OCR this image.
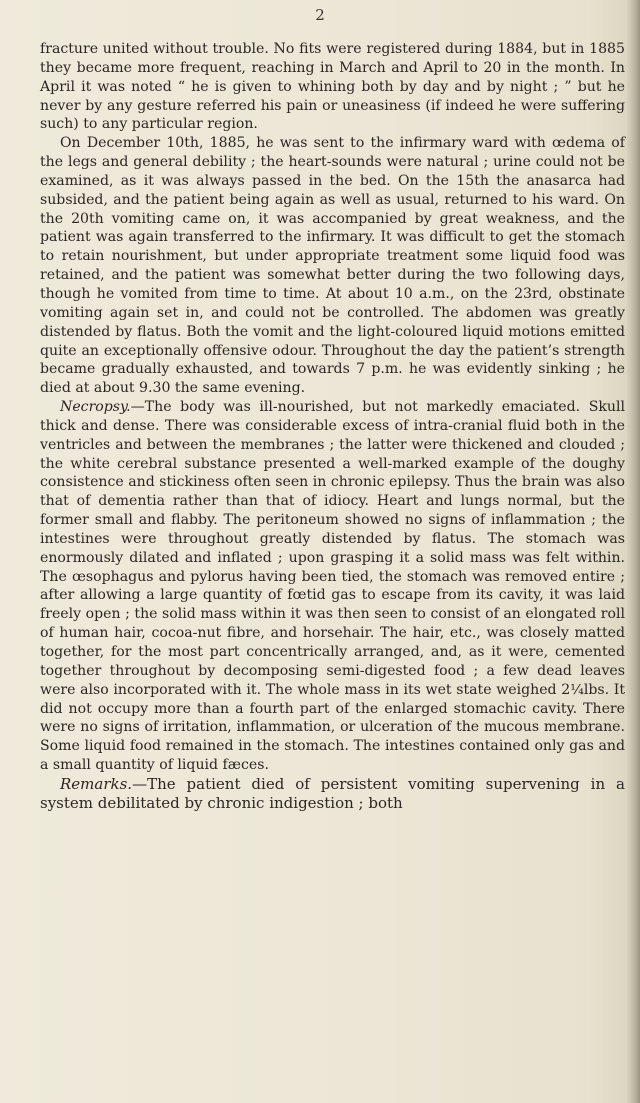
2

fracture united without trouble. No fits were registered during 1884, but in 1885 they became more frequent, reaching in March and April to 20 in the month. In April it was noted “ he is given to whining both by day and by night ; ” but he never by any gesture referred his pain or uneasiness (if indeed he were suffering such) to any particular region.

On December 10th, 1885, he was sent to the infirmary ward with œdema of the legs and general debility ; the heart-sounds were natural ; urine could not be examined, as it was always passed in the bed. On the 15th the anasarca had subsided, and the patient being again as well as usual, returned to his ward. On the 20th vomiting came on, it was accompanied by great weakness, and the patient was again transferred to the infirmary. It was difficult to get the stomach to retain nourishment, but under appropriate treatment some liquid food was retained, and the patient was somewhat better during the two following days, though he vomited from time to time. At about 10 a.m., on the 23rd, obstinate vomiting again set in, and could not be controlled. The abdomen was greatly distended by flatus. Both the vomit and the light-coloured liquid motions emitted quite an exceptionally offensive odour. Throughout the day the patient’s strength became gradually exhausted, and towards 7 p.m. he was evidently sinking ; he died at about 9.30 the same evening.

Necropsy.—The body was ill-nourished, but not markedly emaciated. Skull thick and dense. There was considerable excess of intra-cranial fluid both in the ventricles and between the membranes ; the latter were thickened and clouded ; the white cerebral substance presented a well-marked example of the doughy consistence and stickiness often seen in chronic epilepsy. Thus the brain was also that of dementia rather than that of idiocy. Heart and lungs normal, but the former small and flabby. The peritoneum showed no signs of inflammation ; the intestines were throughout greatly distended by flatus. The stomach was enormously dilated and inflated ; upon grasping it a solid mass was felt within. The œsophagus and pylorus having been tied, the stomach was removed entire ; after allowing a large quantity of fœtid gas to escape from its cavity, it was laid freely open ; the solid mass within it was then seen to consist of an elongated roll of human hair, cocoa-nut fibre, and horsehair. The hair, etc., was closely matted together, for the most part concentrically arranged, and, as it were, cemented together throughout by decomposing semi-digested food ; a few dead leaves were also incorporated with it. The whole mass in its wet state weighed 2¼lbs. It did not occupy more than a fourth part of the enlarged stomachic cavity. There were no signs of irritation, inflammation, or ulceration of the mucous membrane. Some liquid food remained in the stomach. The intestines contained only gas and a small quantity of liquid fæces.

Remarks.—The patient died of persistent vomiting supervening in a system debilitated by chronic indigestion ; both
